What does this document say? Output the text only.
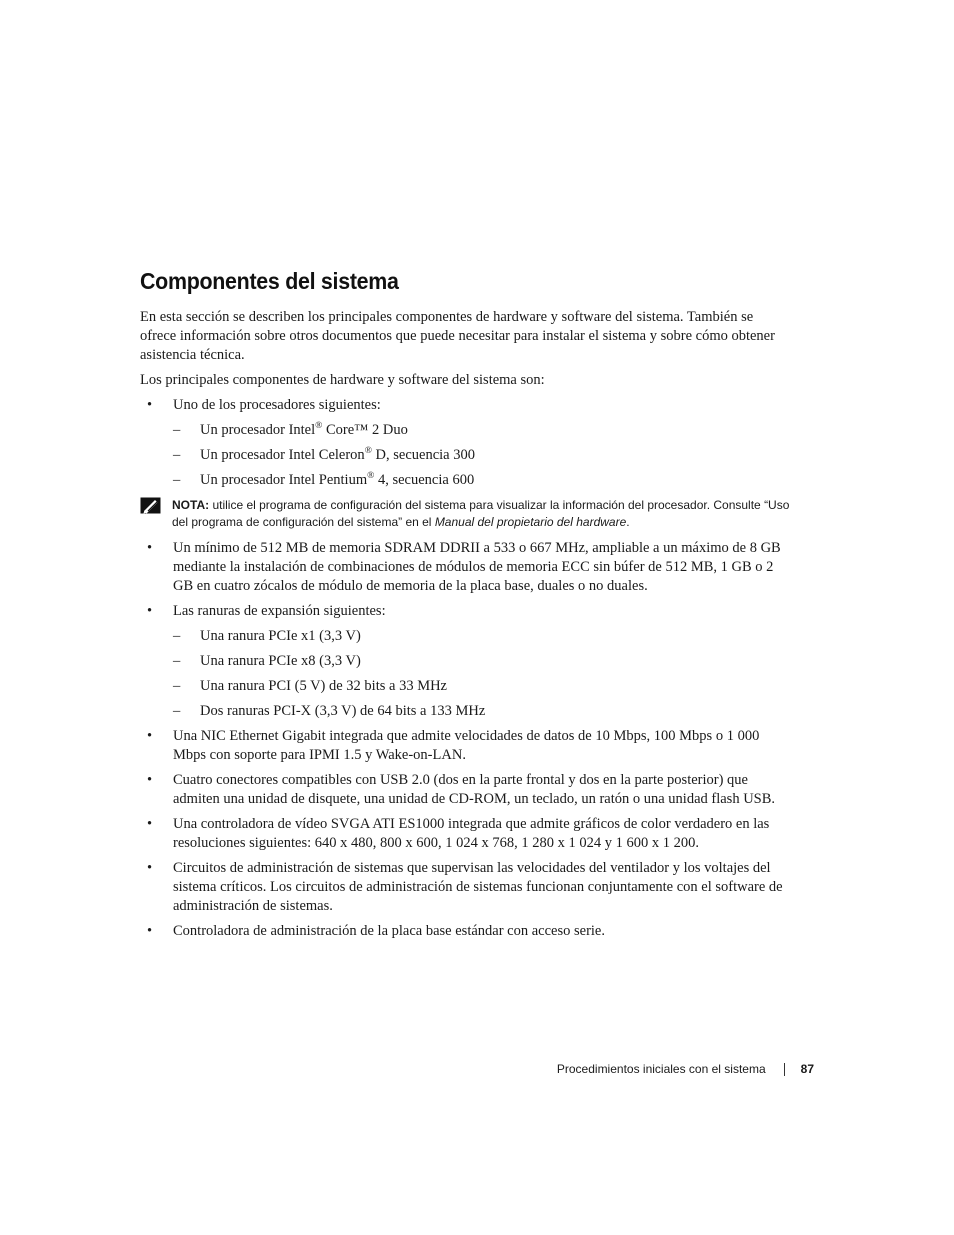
Componentes del sistema

En esta sección se describen los principales componentes de hardware y software del sistema. También se ofrece información sobre otros documentos que puede necesitar para instalar el sistema y sobre cómo obtener asistencia técnica.

Los principales componentes de hardware y software del sistema son:

• Uno de los procesadores siguientes:
– Un procesador Intel® Core™ 2 Duo
– Un procesador Intel Celeron® D, secuencia 300
– Un procesador Intel Pentium® 4, secuencia 600
NOTA: utilice el programa de configuración del sistema para visualizar la información del procesador. Consulte “Uso del programa de configuración del sistema” en el Manual del propietario del hardware.
• Un mínimo de 512 MB de memoria SDRAM DDRII a 533 o 667 MHz, ampliable a un máximo de 8 GB mediante la instalación de combinaciones de módulos de memoria ECC sin búfer de 512 MB, 1 GB o 2 GB en cuatro zócalos de módulo de memoria de la placa base, duales o no duales.
• Las ranuras de expansión siguientes:
– Una ranura PCIe x1 (3,3 V)
– Una ranura PCIe x8 (3,3 V)
– Una ranura PCI (5 V) de 32 bits a 33 MHz
– Dos ranuras PCI-X (3,3 V) de 64 bits a 133 MHz
• Una NIC Ethernet Gigabit integrada que admite velocidades de datos de 10 Mbps, 100 Mbps o 1 000 Mbps con soporte para IPMI 1.5 y Wake-on-LAN.
• Cuatro conectores compatibles con USB 2.0 (dos en la parte frontal y dos en la parte posterior) que admiten una unidad de disquete, una unidad de CD-ROM, un teclado, un ratón o una unidad flash USB.
• Una controladora de vídeo SVGA ATI ES1000 integrada que admite gráficos de color verdadero en las resoluciones siguientes: 640 x 480, 800 x 600, 1 024 x 768, 1 280 x 1 024 y 1 600 x 1 200.
• Circuitos de administración de sistemas que supervisan las velocidades del ventilador y los voltajes del sistema críticos. Los circuitos de administración de sistemas funcionan conjuntamente con el software de administración de sistemas.
• Controladora de administración de la placa base estándar con acceso serie.
Procedimientos iniciales con el sistema	87
